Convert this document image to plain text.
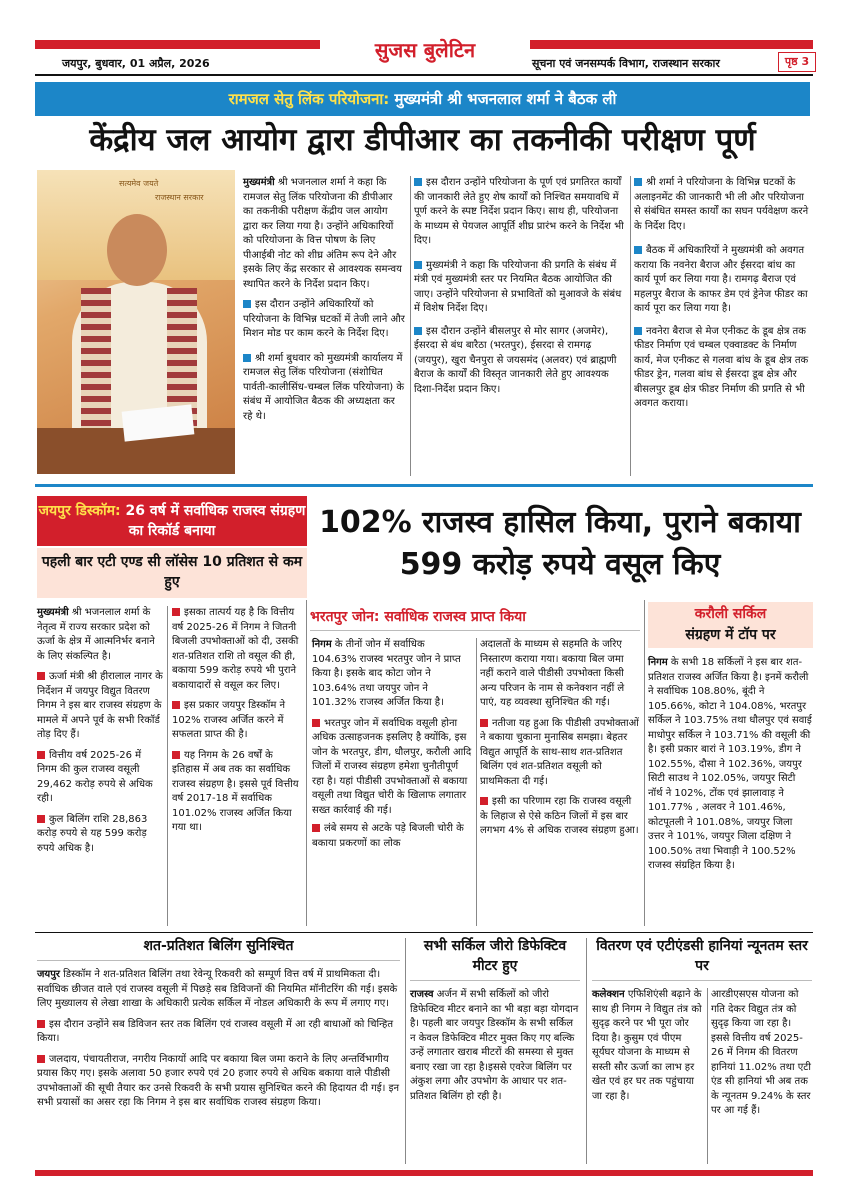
सुजस बुलेटिन
जयपुर, बुधवार, 01 अप्रैल, 2026	सूचना एवं जनसम्पर्क विभाग, राजस्थान सरकार	पृष्ठ 3
रामजल सेतु लिंक परियोजना: मुख्यमंत्री श्री भजनलाल शर्मा ने बैठक ली
केंद्रीय जल आयोग द्वारा डीपीआर का तकनीकी परीक्षण पूर्ण
सत्यमेव जयते
राजस्थान सरकार

मुख्यमंत्री श्री भजनलाल शर्मा ने कहा कि रामजल सेतु लिंक परियोजना की डीपीआर का तकनीकी परीक्षण केंद्रीय जल आयोग द्वारा कर लिया गया है। उन्होंने अधिकारियों को परियोजना के वित्त पोषण के लिए पीआईबी नोट को शीघ्र अंतिम रूप देने और इसके लिए केंद्र सरकार से आवश्यक समन्वय स्थापित करने के निर्देश प्रदान किए।

इस दौरान उन्होंने अधिकारियों को परियोजना के विभिन्न घटकों में तेजी लाने और मिशन मोड पर काम करने के निर्देश दिए।
श्री शर्मा बुधवार को मुख्यमंत्री कार्यालय में रामजल सेतु लिंक परियोजना (संशोधित पार्वती-कालीसिंध-चम्बल लिंक परियोजना) के संबंध में आयोजित बैठक की अध्यक्षता कर रहे थे।
इस दौरान उन्होंने परियोजना के पूर्ण एवं प्रगतिरत कार्यों की जानकारी लेते हुए शेष कार्यों को निश्चित समयावधि में पूर्ण करने के स्पष्ट निर्देश प्रदान किए। साथ ही, परियोजना के माध्यम से पेयजल आपूर्ति शीघ्र प्रारंभ करने के निर्देश भी दिए।
मुख्यमंत्री ने कहा कि परियोजना की प्रगति के संबंध में मंत्री एवं मुख्यमंत्री स्तर पर नियमित बैठक आयोजित की जाए। उन्होंने परियोजना से प्रभावितों को मुआवजे के संबंध में विशेष निर्देश दिए।
इस दौरान उन्होंने बीसलपुर से मोर सागर (अजमेर), ईसरदा से बंध बारैठा (भरतपुर), ईसरदा से रामगढ़ (जयपुर), खुरा चैनपुरा से जयसमंद (अलवर) एवं ब्राह्मणी बैराज के कार्यों की विस्तृत जानकारी लेते हुए आवश्यक दिशा-निर्देश प्रदान किए।
श्री शर्मा ने परियोजना के विभिन्न घटकों के अलाइनमेंट की जानकारी भी ली और परियोजना से संबंधित समस्त कार्यों का सघन पर्यवेक्षण करने के निर्देश दिए।
बैठक में अधिकारियों ने मुख्यमंत्री को अवगत कराया कि नवनेरा बैराज और ईसरदा बांध का कार्य पूर्ण कर लिया गया है। रामगढ़ बैराज एवं महलपुर बैराज के काफर डेम एवं ड्रेनेज फीडर का कार्य पूरा कर लिया गया है।
नवनेरा बैराज से मेज एनीकट के डूब क्षेत्र तक फीडर निर्माण एवं चम्बल एक्वाडक्ट के निर्माण कार्य, मेज एनीकट से गलवा बांध के डूब क्षेत्र तक फीडर ड्रेन, गलवा बांध से ईसरदा डूब क्षेत्र और बीसलपुर डूब क्षेत्र फीडर निर्माण की प्रगति से भी अवगत कराया।
जयपुर डिस्कॉम: 26 वर्ष में सर्वाधिक राजस्व संग्रहण का रिकॉर्ड बनाया
पहली बार एटी एण्ड सी लॉसेस 10 प्रतिशत से कम हुए
102% राजस्व हासिल किया, पुराने बकाया 599 करोड़ रुपये वसूल किए

मुख्यमंत्री श्री भजनलाल शर्मा के नेतृत्व में राज्य सरकार प्रदेश को ऊर्जा के क्षेत्र में आत्मनिर्भर बनाने के लिए संकल्पित है।

ऊर्जा मंत्री श्री हीरालाल नागर के निर्देशन में जयपुर विद्युत वितरण निगम ने इस बार राजस्व संग्रहण के मामले में अपने पूर्व के सभी रिकॉर्ड तोड़ दिए हैं।
वित्तीय वर्ष 2025-26 में निगम की कुल राजस्व वसूली 29,462 करोड़ रुपये से अधिक रही।
कुल बिलिंग राशि 28,863 करोड़ रुपये से यह 599 करोड़ रुपये अधिक है।
इसका तात्पर्य यह है कि वित्तीय वर्ष 2025-26 में निगम ने जितनी बिजली उपभोक्ताओं को दी, उसकी शत-प्रतिशत राशि तो वसूल की ही, बकाया 599 करोड़ रुपये भी पुराने बकायादारों से वसूल कर लिए।
इस प्रकार जयपुर डिस्कॉम ने 102% राजस्व अर्जित करने में सफलता प्राप्त की है।
यह निगम के 26 वर्षों के इतिहास में अब तक का सर्वाधिक राजस्व संग्रहण है। इससे पूर्व वित्तीय वर्ष 2017-18 में सर्वाधिक 101.02% राजस्व अर्जित किया गया था।
भरतपुर जोन: सर्वाधिक राजस्व प्राप्त किया

निगम के तीनों जोन में सर्वाधिक 104.63% राजस्व भरतपुर जोन ने प्राप्त किया है। इसके बाद कोटा जोन ने 103.64% तथा जयपुर जोन ने 101.32% राजस्व अर्जित किया है।

भरतपुर जोन में सर्वाधिक वसूली होना अधिक उत्साहजनक इसलिए है क्योंकि, इस जोन के भरतपुर, डीग, धौलपुर, करौली आदि जिलों में राजस्व संग्रहण हमेशा चुनौतीपूर्ण रहा है। यहां पीडीसी उपभोक्ताओं से बकाया वसूली तथा विद्युत चोरी के खिलाफ लगातार सख्त कार्रवाई की गई।
लंबे समय से अटके पड़े बिजली चोरी के बकाया प्रकरणों का लोक

अदालतों के माध्यम से सहमति के जरिए निस्तारण कराया गया। बकाया बिल जमा नहीं कराने वाले पीडीसी उपभोक्ता किसी अन्य परिजन के नाम से कनेक्शन नहीं ले पाएं, यह व्यवस्था सुनिश्चित की गई।

नतीजा यह हुआ कि पीडीसी उपभोक्ताओं ने बकाया चुकाना मुनासिब समझा। बेहतर विद्युत आपूर्ति के साथ-साथ शत-प्रतिशत बिलिंग एवं शत-प्रतिशत वसूली को प्राथमिकता दी गई।
इसी का परिणाम रहा कि राजस्व वसूली के लिहाज से ऐसे कठिन जिलों में इस बार लगभग 4% से अधिक राजस्व संग्रहण हुआ।
करौली सर्किल
संग्रहण में टॉप पर

निगम के सभी 18 सर्किलों ने इस बार शत-प्रतिशत राजस्व अर्जित किया है। इनमें करौली ने सर्वाधिक 108.80%, बूंदी ने 105.66%, कोटा ने 104.08%, भरतपुर सर्किल ने 103.75% तथा धौलपुर एवं सवाई माधोपुर सर्किल ने 103.71% की वसूली की है। इसी प्रकार बारां ने 103.19%, डीग ने 102.55%, दौसा ने 102.36%, जयपुर सिटी साउथ ने 102.05%, जयपुर सिटी नॉर्थ ने 102%, टोंक एवं झालावाड़ ने 101.77% , अलवर ने 101.46%, कोटपूतली ने 101.08%, जयपुर जिला उत्तर ने 101%, जयपुर जिला दक्षिण ने 100.50% तथा भिवाड़ी ने 100.52% राजस्व संग्रहित किया है।

शत-प्रतिशत बिलिंग सुनिश्चित

जयपुर डिस्कॉम ने शत-प्रतिशत बिलिंग तथा रेवेन्यू रिकवरी को सम्पूर्ण वित्त वर्ष में प्राथमिकता दी। सर्वाधिक छीजत वाले एवं राजस्व वसूली में पिछड़े सब डिविजनों की नियमित मॉनीटरिंग की गई। इसके लिए मुख्यालय से लेखा शाखा के अधिकारी प्रत्येक सर्किल में नोडल अधिकारी के रूप में लगाए गए।

इस दौरान उन्होंने सब डिविजन स्तर तक बिलिंग एवं राजस्व वसूली में आ रही बाधाओं को चिन्हित किया।
जलदाय, पंचायतीराज, नगरीय निकायों आदि पर बकाया बिल जमा कराने के लिए अन्तर्विभागीय प्रयास किए गए। इसके अलावा 50 हजार रुपये एवं 20 हजार रुपये से अधिक बकाया वाले पीडीसी उपभोक्ताओं की सूची तैयार कर उनसे रिकवरी के सभी प्रयास सुनिश्चित करने की हिदायत दी गई। इन सभी प्रयासों का असर रहा कि निगम ने इस बार सर्वाधिक राजस्व संग्रहण किया।
सभी सर्किल जीरो डिफेक्टिव मीटर हुए

राजस्व अर्जन में सभी सर्किलों को जीरो डिफेक्टिव मीटर बनाने का भी बड़ा बड़ा योगदान है। पहली बार जयपुर डिस्कॉम के सभी सर्किल न केवल डिफेक्टिव मीटर मुक्त किए गए बल्कि उन्हें लगातार खराब मीटरों की समस्या से मुक्त बनाए रखा जा रहा है।इससे एवरेज बिलिंग पर अंकुश लगा और उपभोग के आधार पर शत-प्रतिशत बिलिंग हो रही है।

वितरण एवं एटीएंडसी हानियां न्यूनतम स्तर पर

कलेक्शन एफिशिएंसी बढ़ाने के साथ ही निगम ने विद्युत तंत्र को सुदृढ़ करने पर भी पूरा जोर दिया है। कुसुम एवं पीएम सूर्यघर योजना के माध्यम से सस्ती सौर ऊर्जा का लाभ हर खेत एवं हर घर तक पहुंचाया जा रहा है।

आरडीएसएस योजना को गति देकर विद्युत तंत्र को सुदृढ़ किया जा रहा है। इससे वित्तीय वर्ष 2025-26 में निगम की वितरण हानियां 11.02% तथा एटी एंड सी हानियां भी अब तक के न्यूनतम 9.24% के स्तर पर आ गई हैं।
